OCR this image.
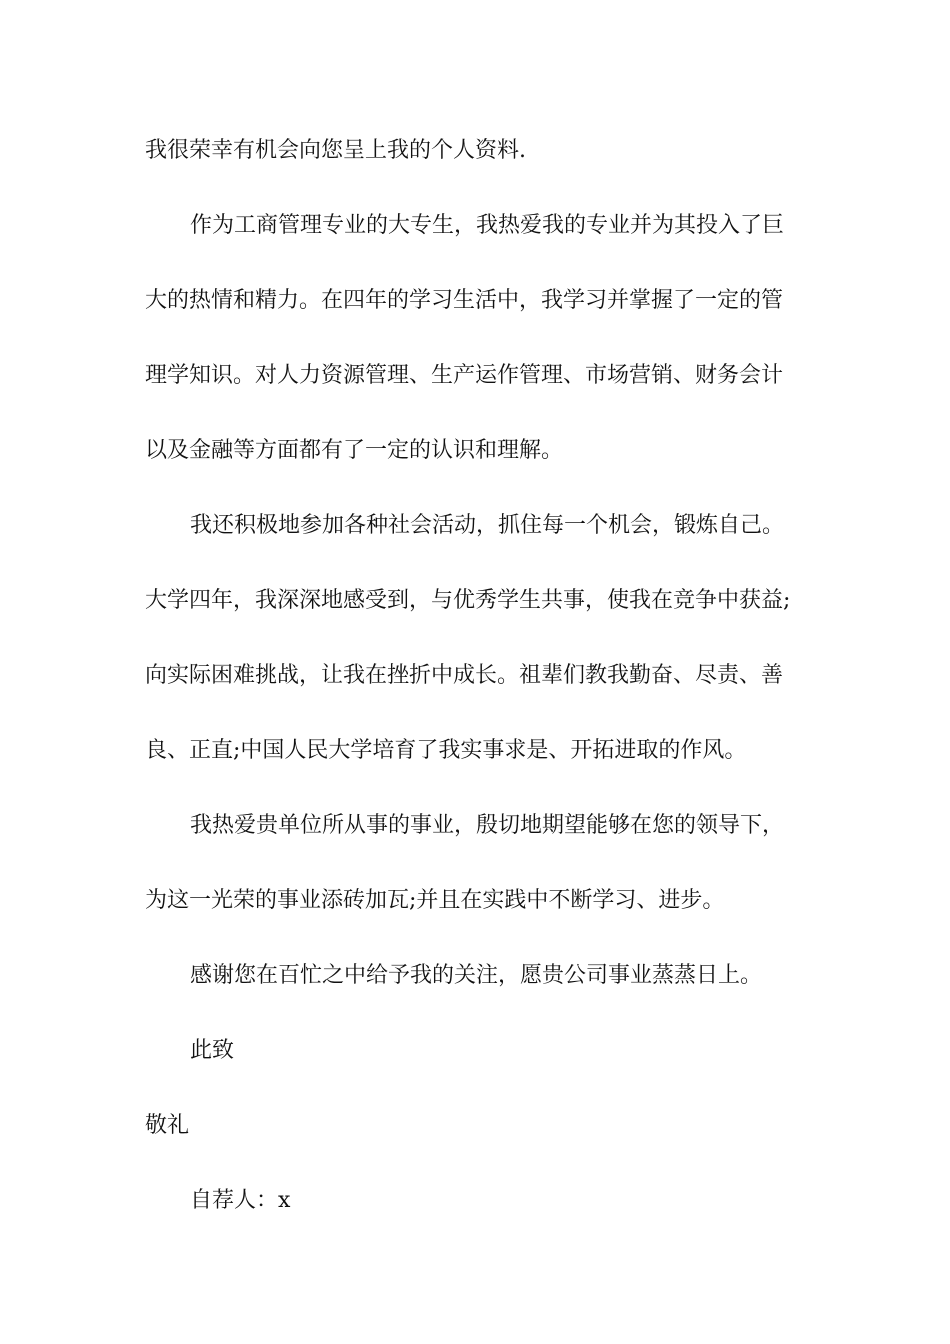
我很荣幸有机会向您呈上我的个人资料.
作为工商管理专业的大专生，我热爱我的专业并为其投入了巨
大的热情和精力。在四年的学习生活中，我学习并掌握了一定的管
理学知识。对人力资源管理、生产运作管理、市场营销、财务会计
以及金融等方面都有了一定的认识和理解。
我还积极地参加各种社会活动，抓住每一个机会，锻炼自己。
大学四年，我深深地感受到，与优秀学生共事，使我在竞争中获益;
向实际困难挑战，让我在挫折中成长。祖辈们教我勤奋、尽责、善
良、正直;中国人民大学培育了我实事求是、开拓进取的作风。
我热爱贵单位所从事的事业，殷切地期望能够在您的领导下，
为这一光荣的事业添砖加瓦;并且在实践中不断学习、进步。
感谢您在百忙之中给予我的关注，愿贵公司事业蒸蒸日上。
此致
敬礼
自荐人：x
